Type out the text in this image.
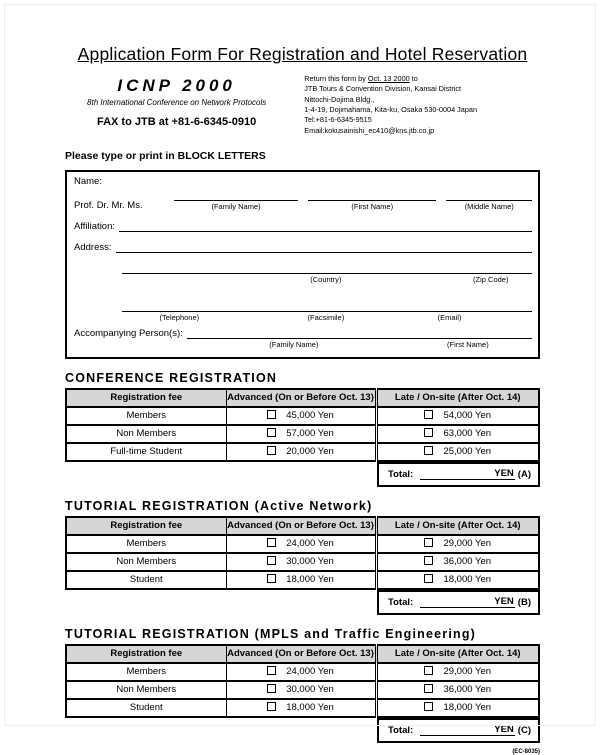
Application Form For Registration and Hotel Reservation
ICNP 2000
8th International Conference on Network Protocols
FAX to JTB at +81-6-6345-0910
Return this form by Oct. 13 2000 to
JTB Tours & Convention Division, Kansai District
Nittochi-Dojima Bldg.,
1-4-19, Dojimahama, Kita-ku, Osaka 530-0004 Japan
Tel:+81-6-6345-9515
Email:kokusainishi_ec410@kns.jtb.co.jp
Please type or print in BLOCK LETTERS
Name:
Prof. Dr. Mr. Ms.	(Family Name)	(First Name)	(Middle Name)
Affiliation:
Address:
(Country)	(Zip Code)
(Telephone)	(Facsimile)	(Email)
Accompanying Person(s):
(Family Name)	(First Name)
CONFERENCE REGISTRATION
Registration fee	Advanced (On or Before Oct. 13)	Late / On-site (After Oct. 14)
Members	45,000 Yen	54,000 Yen
Non Members	57,000 Yen	63,000 Yen
Full-time Student	20,000 Yen	25,000 Yen
Total:	YEN (A)
TUTORIAL REGISTRATION (Active Network)
Registration fee	Advanced (On or Before Oct. 13)	Late / On-site (After Oct. 14)
Members	24,000 Yen	29,000 Yen
Non Members	30,000 Yen	36,000 Yen
Student	18,000 Yen	18,000 Yen
Total:	YEN (B)
TUTORIAL REGISTRATION (MPLS and Traffic Engineering)
Registration fee	Advanced (On or Before Oct. 13)	Late / On-site (After Oct. 14)
Members	24,000 Yen	29,000 Yen
Non Members	30,000 Yen	36,000 Yen
Student	18,000 Yen	18,000 Yen
Total:	YEN (C)
(EC-8035)
